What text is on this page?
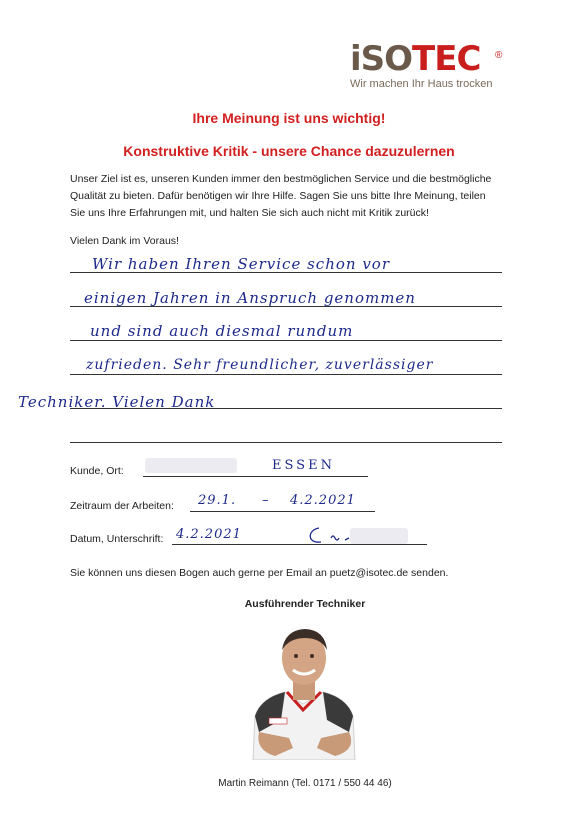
iSOTEC ®
Wir machen Ihr Haus trocken
Ihre Meinung ist uns wichtig!
Konstruktive Kritik - unsere Chance dazuzulernen
Unser Ziel ist es, unseren Kunden immer den bestmöglichen Service und die bestmögliche
Qualität zu bieten. Dafür benötigen wir Ihre Hilfe. Sagen Sie uns bitte Ihre Meinung, teilen
Sie uns Ihre Erfahrungen mit, und halten Sie sich auch nicht mit Kritik zurück!
Vielen Dank im Voraus!
Wir haben Ihren Service schon vor
einigen Jahren in Anspruch genommen
und sind auch diesmal rundum
zufrieden. Sehr freundlicher, zuverlässiger
Techniker. Vielen Dank
Kunde, Ort:	ESSEN
Zeitraum der Arbeiten: 29.1. – 4.2.2021
Datum, Unterschrift: 4.2.2021
Sie können uns diesen Bogen auch gerne per Email an puetz@isotec.de senden.
Ausführender Techniker
Martin Reimann (Tel. 0171 / 550 44 46)
